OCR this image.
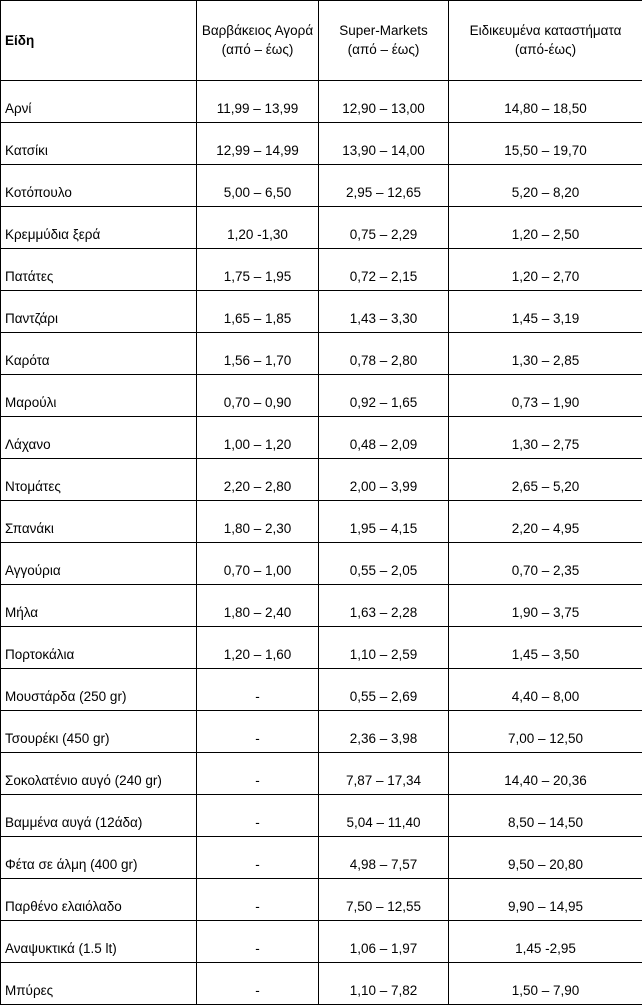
Είδη	Βαρβάκειος Αγορά (από – έως)	Super-Markets (από – έως)	Ειδικευμένα καταστήματα (από-έως)
Αρνί	11,99 – 13,99	12,90 – 13,00	14,80 – 18,50
Κατσίκι	12,99 – 14,99	13,90 – 14,00	15,50 – 19,70
Κοτόπουλο	5,00 – 6,50	2,95 – 12,65	5,20 – 8,20
Κρεμμύδια ξερά	1,20 -1,30	0,75 – 2,29	1,20 – 2,50
Πατάτες	1,75 – 1,95	0,72 – 2,15	1,20 – 2,70
Παντζάρι	1,65 – 1,85	1,43 – 3,30	1,45 – 3,19
Καρότα	1,56 – 1,70	0,78 – 2,80	1,30 – 2,85
Μαρούλι	0,70 – 0,90	0,92 – 1,65	0,73 – 1,90
Λάχανο	1,00 – 1,20	0,48 – 2,09	1,30 – 2,75
Ντομάτες	2,20 – 2,80	2,00 – 3,99	2,65 – 5,20
Σπανάκι	1,80 – 2,30	1,95 – 4,15	2,20 – 4,95
Αγγούρια	0,70 – 1,00	0,55 – 2,05	0,70 – 2,35
Μήλα	1,80 – 2,40	1,63 – 2,28	1,90 – 3,75
Πορτοκάλια	1,20 – 1,60	1,10 – 2,59	1,45 – 3,50
Μουστάρδα (250 gr)	-	0,55 – 2,69	4,40 – 8,00
Τσουρέκι (450 gr)	-	2,36 – 3,98	7,00 – 12,50
Σοκολατένιο αυγό (240 gr)	-	7,87 – 17,34	14,40 – 20,36
Βαμμένα αυγά (12άδα)	-	5,04 – 11,40	8,50 – 14,50
Φέτα σε άλμη (400 gr)	-	4,98 – 7,57	9,50 – 20,80
Παρθένο ελαιόλαδο	-	7,50 – 12,55	9,90 – 14,95
Αναψυκτικά (1.5 lt)	-	1,06 – 1,97	1,45 -2,95
Μπύρες	-	1,10 – 7,82	1,50 – 7,90
